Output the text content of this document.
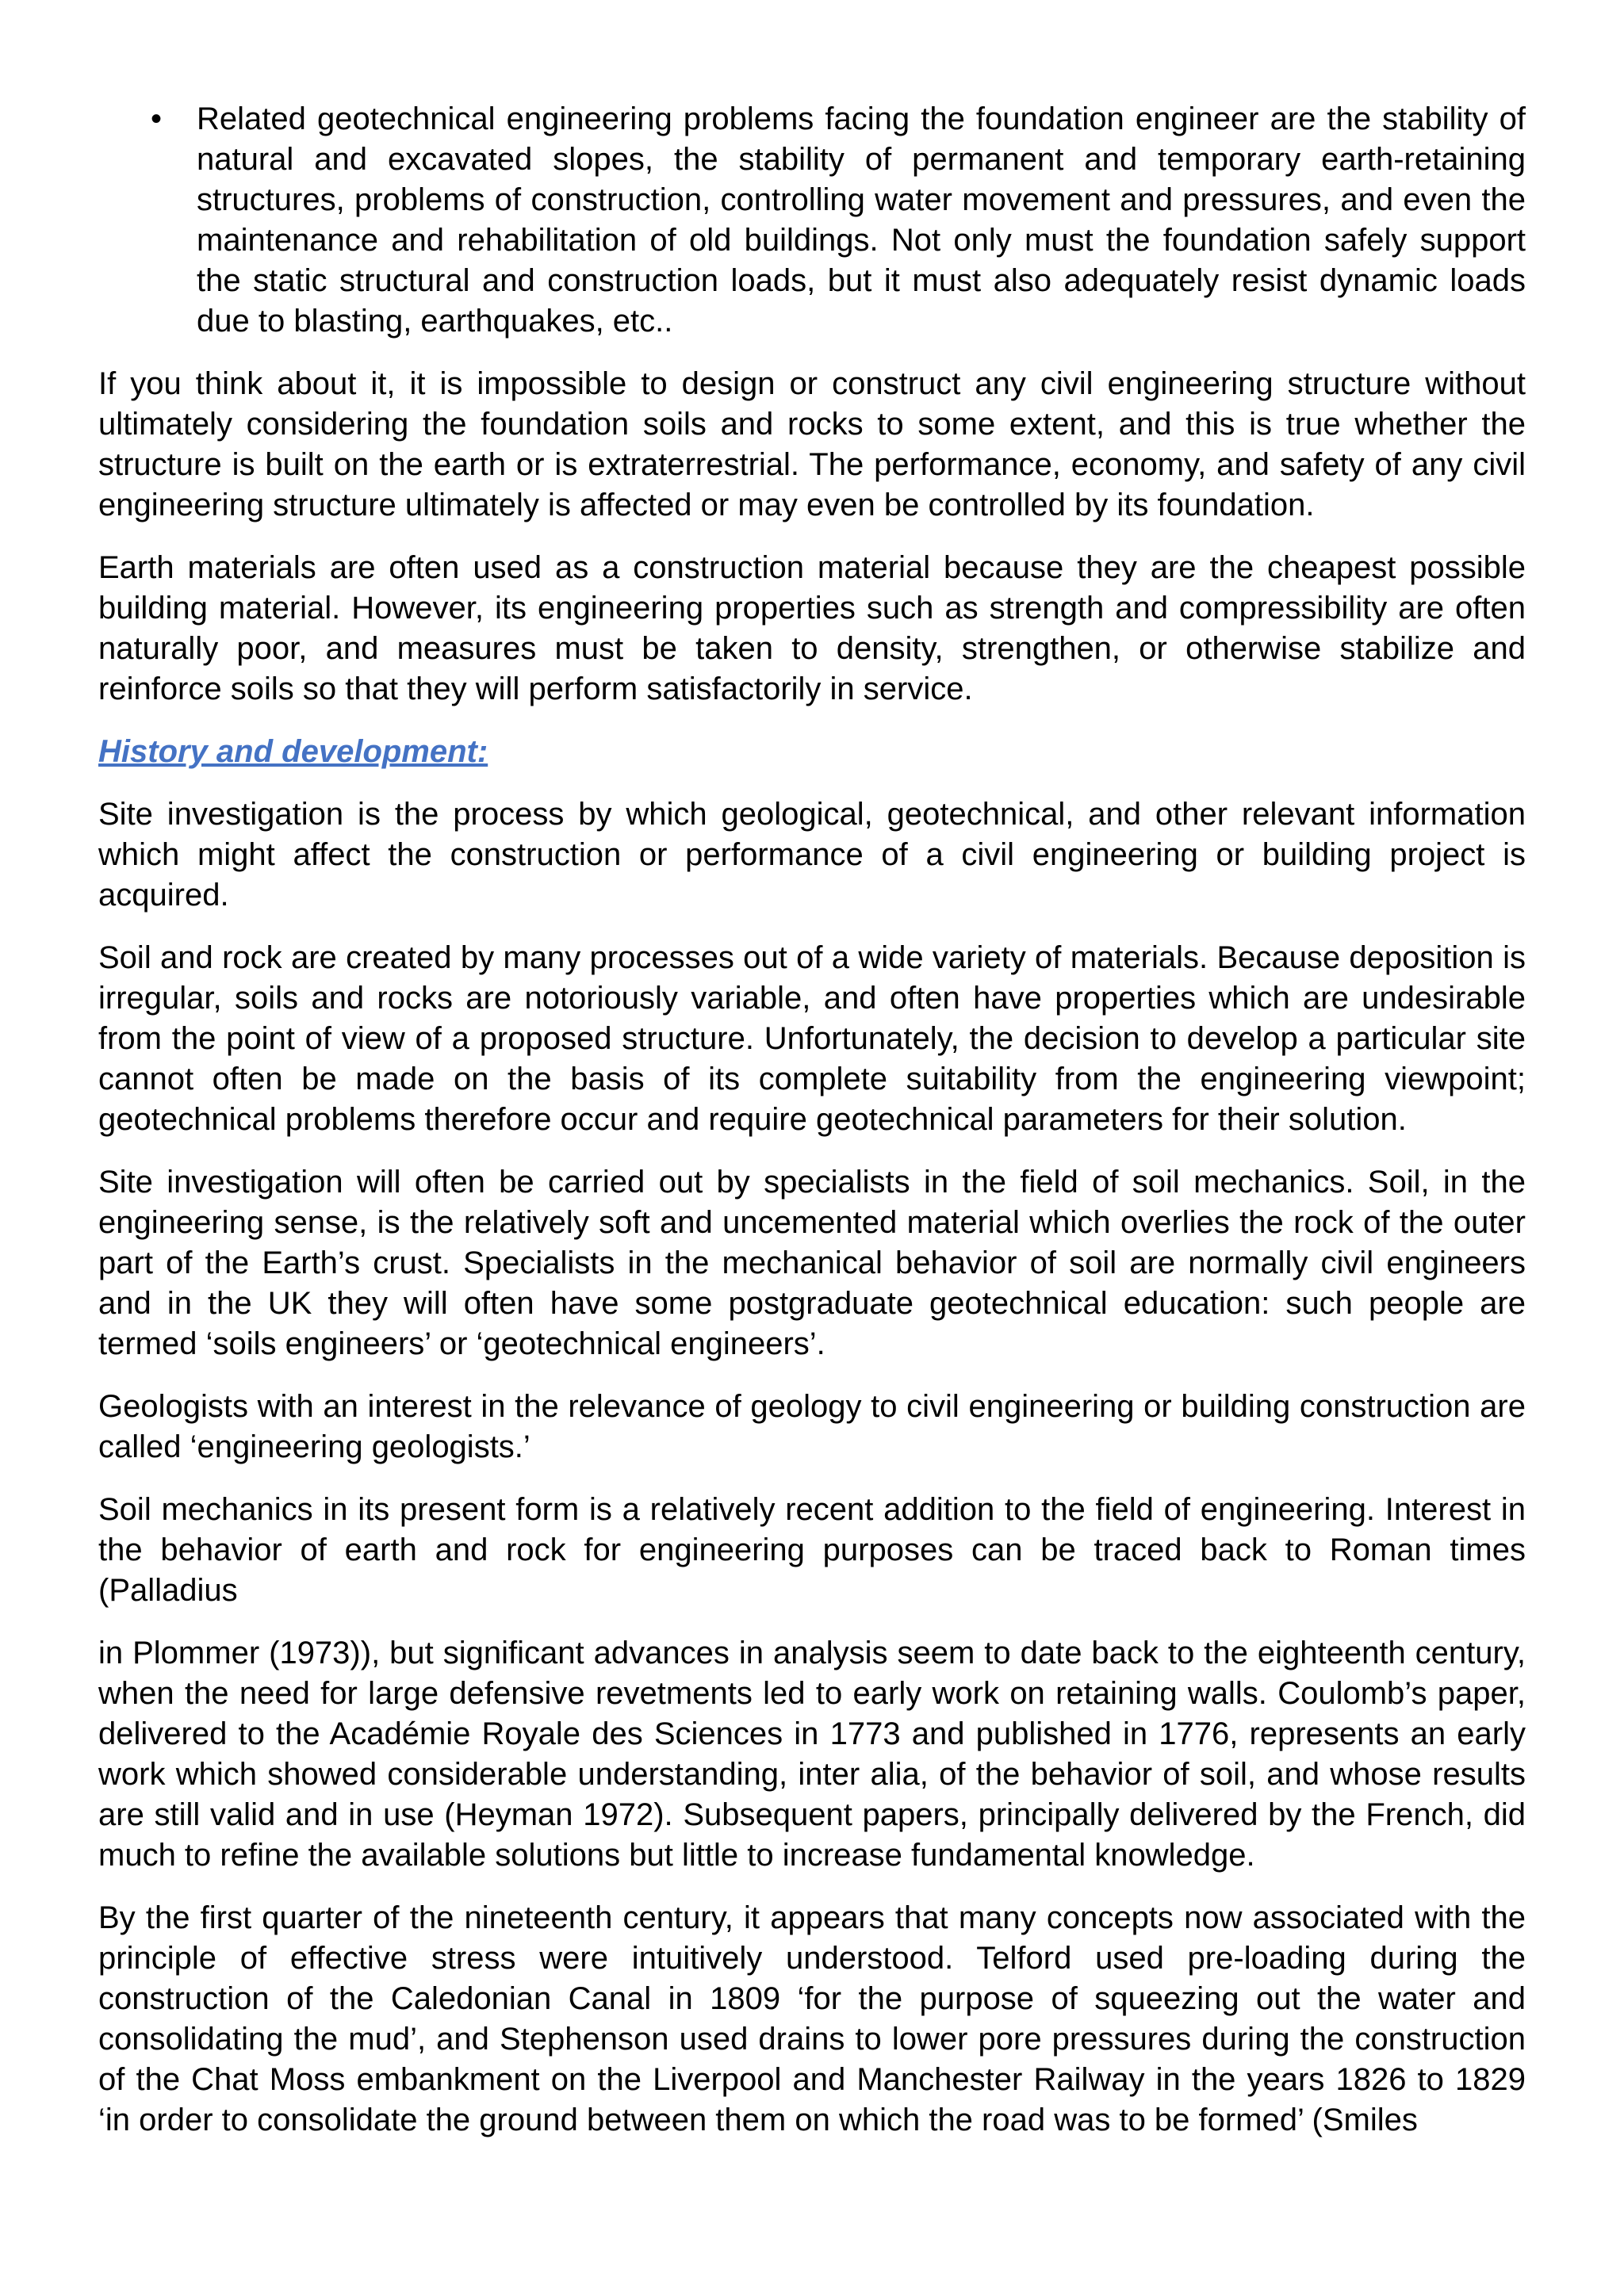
• Related geotechnical engineering problems facing the foundation engineer are the stability of natural and excavated slopes, the stability of permanent and temporary earth-retaining structures, problems of construction, controlling water movement and pressures, and even the maintenance and rehabilitation of old buildings. Not only must the foundation safely support the static structural and construction loads, but it must also adequately resist dynamic loads due to blasting, earthquakes, etc..

If you think about it, it is impossible to design or construct any civil engineering structure without ultimately considering the foundation soils and rocks to some extent, and this is true whether the structure is built on the earth or is extraterrestrial. The performance, economy, and safety of any civil engineering structure ultimately is affected or may even be controlled by its foundation.

Earth materials are often used as a construction material because they are the cheapest possible building material. However, its engineering properties such as strength and compressibility are often naturally poor, and measures must be taken to density, strengthen, or otherwise stabilize and reinforce soils so that they will perform satisfactorily in service.

History and development:

Site investigation is the process by which geological, geotechnical, and other relevant information which might affect the construction or performance of a civil engineering or building project is acquired.

Soil and rock are created by many processes out of a wide variety of materials. Because deposition is irregular, soils and rocks are notoriously variable, and often have properties which are undesirable from the point of view of a proposed structure. Unfortunately, the decision to develop a particular site cannot often be made on the basis of its complete suitability from the engineering viewpoint; geotechnical problems therefore occur and require geotechnical parameters for their solution.

Site investigation will often be carried out by specialists in the field of soil mechanics. Soil, in the engineering sense, is the relatively soft and uncemented material which overlies the rock of the outer part of the Earth’s crust. Specialists in the mechanical behavior of soil are normally civil engineers and in the UK they will often have some postgraduate geotechnical education: such people are termed ‘soils engineers’ or ‘geotechnical engineers’.

Geologists with an interest in the relevance of geology to civil engineering or building construction are called ‘engineering geologists.’

Soil mechanics in its present form is a relatively recent addition to the field of engineering. Interest in the behavior of earth and rock for engineering purposes can be traced back to Roman times (Palladius

in Plommer (1973)), but significant advances in analysis seem to date back to the eighteenth century, when the need for large defensive revetments led to early work on retaining walls. Coulomb’s paper, delivered to the Académie Royale des Sciences in 1773 and published in 1776, represents an early work which showed considerable understanding, inter alia, of the behavior of soil, and whose results are still valid and in use (Heyman 1972). Subsequent papers, principally delivered by the French, did much to refine the available solutions but little to increase fundamental knowledge.

By the first quarter of the nineteenth century, it appears that many concepts now associated with the principle of effective stress were intuitively understood. Telford used pre-loading during the construction of the Caledonian Canal in 1809 ‘for the purpose of squeezing out the water and consolidating the mud’, and Stephenson used drains to lower pore pressures during the construction of the Chat Moss embankment on the Liverpool and Manchester Railway in the years 1826 to 1829 ‘in order to consolidate the ground between them on which the road was to be formed’ (Smiles
